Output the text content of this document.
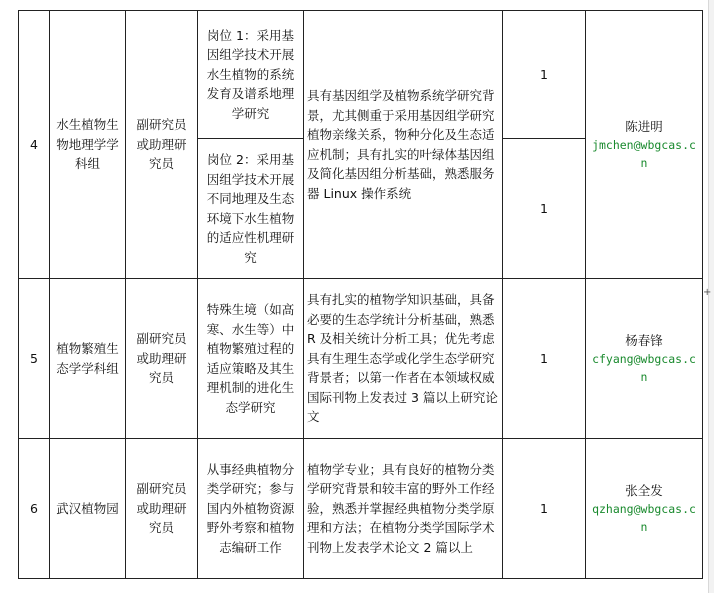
+
4	水生植物生物地理学学科组	副研究员或助理研究员	岗位 1：采用基因组学技术开展水生植物的系统发育及谱系地理学研究	具有基因组学及植物系统学研究背景，尤其侧重于采用基因组学研究植物亲缘关系，物种分化及生态适应机制；具有扎实的叶绿体基因组及简化基因组分析基础，熟悉服务器 Linux 操作系统	1	陈进明
jmchen@wbgcas.cn

			岗位 2：采用基因组学技术开展不同地理及生态环境下水生植物的适应性机理研究		1	
5	植物繁殖生态学学科组	副研究员或助理研究员	特殊生境（如高寒、水生等）中植物繁殖过程的适应策略及其生理机制的进化生态学研究	具有扎实的植物学知识基础，具备必要的生态学统计分析基础，熟悉 R 及相关统计分析工具；优先考虑具有生理生态学或化学生态学研究背景者；以第一作者在本领域权威国际刊物上发表过 3 篇以上研究论文	1	杨春锋
cfyang@wbgcas.cn

6	武汉植物园	副研究员或助理研究员	从事经典植物分类学研究；参与国内外植物资源野外考察和植物志编研工作	植物学专业；具有良好的植物分类学研究背景和较丰富的野外工作经验，熟悉并掌握经典植物分类学原理和方法；在植物分类学国际学术刊物上发表学术论文 2 篇以上	1	张全发
qzhang@wbgcas.cn
